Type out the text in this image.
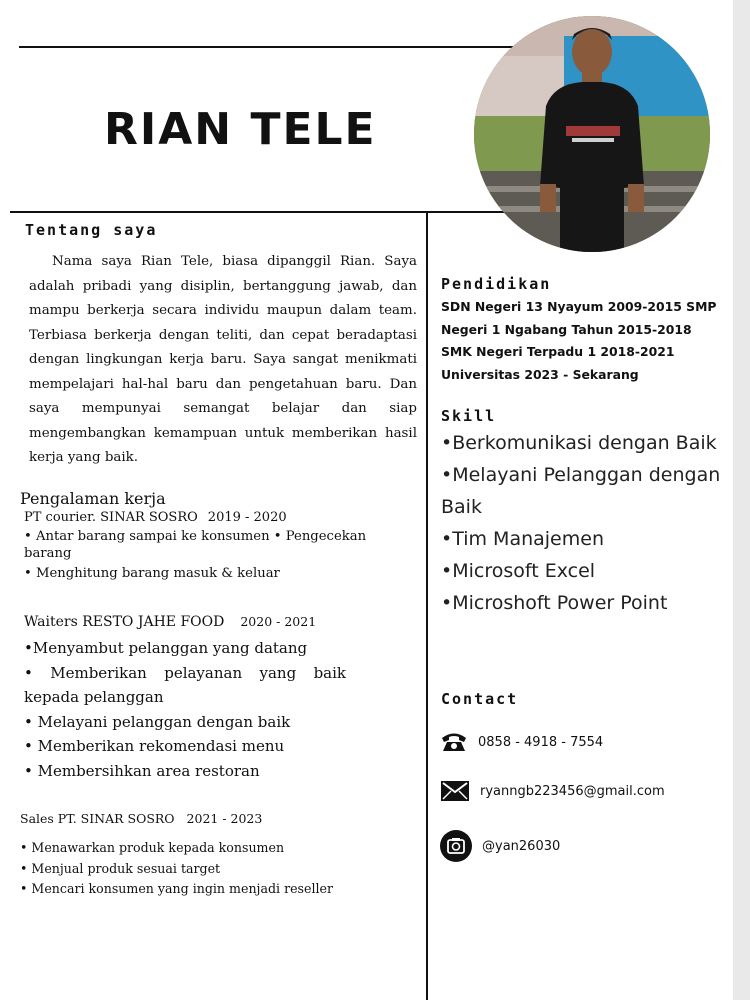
RIAN TELE
Tentang saya

Nama saya Rian Tele, biasa dipanggil Rian. Saya adalah pribadi yang disiplin, bertanggung jawab, dan mampu berkerja secara individu maupun dalam team. Terbiasa berkerja dengan teliti, dan cepat beradaptasi dengan lingkungan kerja baru. Saya sangat menikmati mempelajari hal-hal baru dan pengetahuan baru. Dan saya mempunyai semangat belajar dan siap mengembangkan kemampuan untuk memberikan hasil kerja yang baik.

Pengalaman kerja

PT courier. SINAR SOSRO 2019 - 2020

• Antar barang sampai ke konsumen • Pengecekan barang
• Menghitung barang masuk & keluar

Waiters RESTO JAHE FOOD 2020 - 2021

•Menyambut pelanggan yang datang
• Memberikan pelayanan yang baik kepada pelanggan
• Melayani pelanggan dengan baik
• Memberikan rekomendasi menu
• Membersihkan area restoran

Sales PT. SINAR SOSRO 2021 - 2023

• Menawarkan produk kepada konsumen
• Menjual produk sesuai target
• Mencari konsumen yang ingin menjadi reseller
Pendidikan
SDN Negeri 13 Nyayum 2009-2015 SMP
Negeri 1 Ngabang Tahun 2015-2018
SMK Negeri Terpadu 1 2018-2021
Universitas 2023 - Sekarang
Skill
•Berkomunikasi dengan Baik
•Melayani Pelanggan dengan Baik
•Tim Manajemen
•Microsoft Excel
•Microshoft Power Point
Contact
0858 - 4918 - 7554
ryanngb223456@gmail.com
@yan26030
